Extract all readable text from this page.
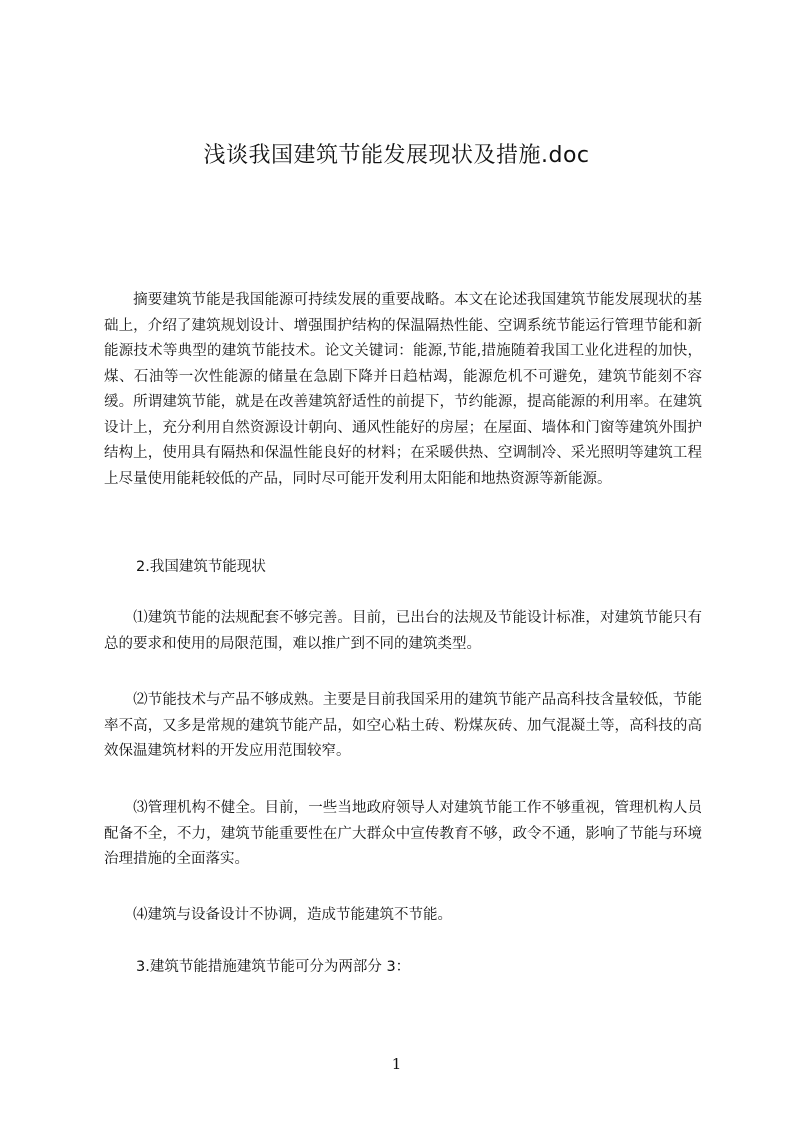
浅谈我国建筑节能发展现状及措施.doc

　　摘要建筑节能是我国能源可持续发展的重要战略。本文在论述我国建筑节能发展现状的基础上，介绍了建筑规划设计、增强围护结构的保温隔热性能、空调系统节能运行管理节能和新能源技术等典型的建筑节能技术。论文关键词：能源,节能,措施随着我国工业化进程的加快，煤、石油等一次性能源的储量在急剧下降并日趋枯竭，能源危机不可避免，建筑节能刻不容缓。所谓建筑节能，就是在改善建筑舒适性的前提下，节约能源，提高能源的利用率。在建筑设计上，充分利用自然资源设计朝向、通风性能好的房屋；在屋面、墙体和门窗等建筑外围护结构上，使用具有隔热和保温性能良好的材料；在采暖供热、空调制冷、采光照明等建筑工程上尽量使用能耗较低的产品，同时尽可能开发利用太阳能和地热资源等新能源。

2.我国建筑节能现状

　　⑴建筑节能的法规配套不够完善。目前，已出台的法规及节能设计标准，对建筑节能只有总的要求和使用的局限范围，难以推广到不同的建筑类型。

　　⑵节能技术与产品不够成熟。主要是目前我国采用的建筑节能产品高科技含量较低，节能率不高，又多是常规的建筑节能产品，如空心粘土砖、粉煤灰砖、加气混凝土等，高科技的高效保温建筑材料的开发应用范围较窄。

　　⑶管理机构不健全。目前，一些当地政府领导人对建筑节能工作不够重视，管理机构人员配备不全，不力，建筑节能重要性在广大群众中宣传教育不够，政令不通，影响了节能与环境治理措施的全面落实。

　　⑷建筑与设备设计不协调，造成节能建筑不节能。

3.建筑节能措施建筑节能可分为两部分 3：

1
